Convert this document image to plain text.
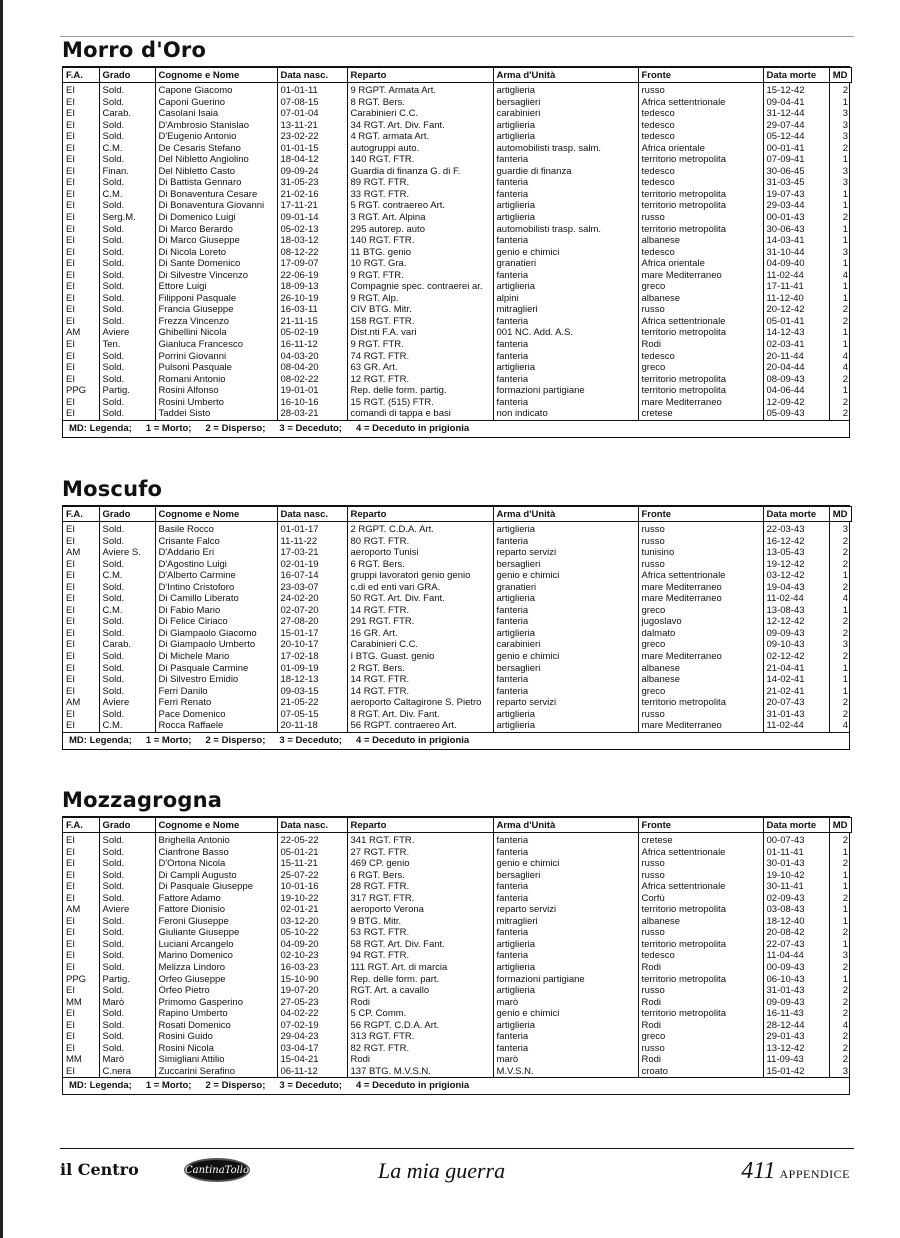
Morro d'Oro
F.A.	Grado	Cognome e Nome	Data nasc.	Reparto	Arma d'Unità	Fronte	Data morte	MD
EI	Sold.	Capone Giacomo	01-01-11	9 RGPT. Armata Art.	artiglieria	russo	15-12-42	2
EI	Sold.	Caponi Guerino	07-08-15	8 RGT. Bers.	bersaglieri	Africa settentrionale	09-04-41	1
EI	Carab.	Casolani Isaia	07-01-04	Carabinieri C.C.	carabinieri	tedesco	31-12-44	3
EI	Sold.	D'Ambrosio Stanislao	13-11-21	34 RGT. Art. Div. Fant.	artiglieria	tedesco	29-07-44	3
EI	Sold.	D'Eugenio Antonio	23-02-22	4 RGT. armata Art.	artiglieria	tedesco	05-12-44	3
EI	C.M.	De Cesaris Stefano	01-01-15	autogruppi auto.	automobilisti trasp. salm.	Africa orientale	00-01-41	2
EI	Sold.	Del Nibletto Angiolino	18-04-12	140 RGT. FTR.	fanteria	territorio metropolita	07-09-41	1
EI	Finan.	Del Nibletto Casto	09-09-24	Guardia di finanza G. di F.	guardie di finanza	tedesco	30-06-45	3
EI	Sold.	Di Battista Gennaro	31-05-23	89 RGT. FTR.	fanteria	tedesco	31-03-45	3
EI	C.M.	Di Bonaventura Cesare	21-02-16	33 RGT. FTR.	fanteria	territorio metropolita	19-07-43	1
EI	Sold.	Di Bonaventura Giovanni	17-11-21	5 RGT. contraereo Art.	artiglieria	territorio metropolita	29-03-44	1
EI	Serg.M.	Di Domenico Luigi	09-01-14	3 RGT. Art. Alpina	artiglieria	russo	00-01-43	2
EI	Sold.	Di Marco Berardo	05-02-13	295 autorep. auto	automobilisti trasp. salm.	territorio metropolita	30-06-43	1
EI	Sold.	Di Marco Giuseppe	18-03-12	140 RGT. FTR.	fanteria	albanese	14-03-41	1
EI	Sold.	Di Nicola Loreto	08-12-22	11 BTG. genio	genio e chimici	tedesco	31-10-44	3
EI	Sold.	Di Sante Domenico	17-09-07	10 RGT. Gra.	granatieri	Africa orientale	04-09-40	1
EI	Sold.	Di Silvestre Vincenzo	22-06-19	9 RGT. FTR.	fanteria	mare Mediterraneo	11-02-44	4
EI	Sold.	Ettore Luigi	18-09-13	Compagnie spec. contraerei ar.	artiglieria	greco	17-11-41	1
EI	Sold.	Filipponi Pasquale	26-10-19	9 RGT. Alp.	alpini	albanese	11-12-40	1
EI	Sold.	Francia Giuseppe	16-03-11	CIV BTG. Mitr.	mitraglieri	russo	20-12-42	2
EI	Sold.	Frezza Vincenzo	21-11-15	158 RGT. FTR.	fanteria	Africa settentrionale	05-01-41	2
AM	Aviere	Ghibellini Nicola	05-02-19	Dist.nti F.A. vari	001 NC. Add. A.S.	territorio metropolita	14-12-43	1
EI	Ten.	Gianluca Francesco	16-11-12	9 RGT. FTR.	fanteria	Rodi	02-03-41	1
EI	Sold.	Porrini Giovanni	04-03-20	74 RGT. FTR.	fanteria	tedesco	20-11-44	4
EI	Sold.	Pulsoni Pasquale	08-04-20	63 GR. Art.	artiglieria	greco	20-04-44	4
EI	Sold.	Romani Antonio	08-02-22	12 RGT. FTR.	fanteria	territorio metropolita	08-09-43	2
PPG	Partig.	Rosini Alfonso	19-01-01	Rep. delle form. partig.	formazioni partigiane	territorio metropolita	04-06-44	1
EI	Sold.	Rosini Umberto	16-10-16	15 RGT. (515) FTR.	fanteria	mare Mediterraneo	12-09-42	2
EI	Sold.	Taddei Sisto	28-03-21	comandi di tappa e basi	non indicato	cretese	05-09-43	2
MD: Legenda; 1 = Morto; 2 = Disperso; 3 = Deceduto; 4 = Deceduto in prigionia
Moscufo
F.A.	Grado	Cognome e Nome	Data nasc.	Reparto	Arma d'Unità	Fronte	Data morte	MD
EI	Sold.	Basile Rocco	01-01-17	2 RGPT. C.D.A. Art.	artiglieria	russo	22-03-43	3
EI	Sold.	Crisante Falco	11-11-22	80 RGT. FTR.	fanteria	russo	16-12-42	2
AM	Aviere S.	D'Addario Eri	17-03-21	aeroporto Tunisi	reparto servizi	tunisino	13-05-43	2
EI	Sold.	D'Agostino Luigi	02-01-19	6 RGT. Bers.	bersaglieri	russo	19-12-42	2
EI	C.M.	D'Alberto Carmine	16-07-14	gruppi lavoratori genio genio	genio e chimici	Africa settentrionale	03-12-42	1
EI	Sold.	D'Intino Cristoforo	23-03-07	c.di ed enti vari GRA.	granatieri	mare Mediterraneo	19-04-43	2
EI	Sold.	Di Camillo Liberato	24-02-20	50 RGT. Art. Div. Fant.	artiglieria	mare Mediterraneo	11-02-44	4
EI	C.M.	Di Fabio Mario	02-07-20	14 RGT. FTR.	fanteria	greco	13-08-43	1
EI	Sold.	Di Felice Ciriaco	27-08-20	291 RGT. FTR.	fanteria	jugoslavo	12-12-42	2
EI	Sold.	Di Giampaolo Giacomo	15-01-17	16 GR. Art.	artiglieria	dalmato	09-09-43	2
EI	Carab.	Di Giampaolo Umberto	20-10-17	Carabinieri C.C.	carabinieri	greco	09-10-43	3
EI	Sold.	Di Michele Mario	17-02-18	I BTG. Guast. genio	genio e chimici	mare Mediterraneo	02-12-42	2
EI	Sold.	Di Pasquale Carmine	01-09-19	2 RGT. Bers.	bersaglieri	albanese	21-04-41	1
EI	Sold.	Di Silvestro Emidio	18-12-13	14 RGT. FTR.	fanteria	albanese	14-02-41	1
EI	Sold.	Ferri Danilo	09-03-15	14 RGT. FTR.	fanteria	greco	21-02-41	1
AM	Aviere	Ferri Renato	21-05-22	aeroporto Caltagirone S. Pietro	reparto servizi	territorio metropolita	20-07-43	2
EI	Sold.	Pace Domenico	07-05-15	8 RGT. Art. Div. Fant.	artiglieria	russo	31-01-43	2
EI	C.M.	Rocca Raffaele	20-11-18	56 RGPT. contraereo Art.	artiglieria	mare Mediterraneo	11-02-44	4
MD: Legenda; 1 = Morto; 2 = Disperso; 3 = Deceduto; 4 = Deceduto in prigionia
Mozzagrogna
F.A.	Grado	Cognome e Nome	Data nasc.	Reparto	Arma d'Unità	Fronte	Data morte	MD
EI	Sold.	Brighella Antonio	22-05-22	341 RGT. FTR.	fanteria	cretese	00-07-43	2
EI	Sold.	Cianfrone Basso	05-01-21	27 RGT. FTR.	fanteria	Africa settentrionale	01-11-41	1
EI	Sold.	D'Ortona Nicola	15-11-21	469 CP. genio	genio e chimici	russo	30-01-43	2
EI	Sold.	Di Campli Augusto	25-07-22	6 RGT. Bers.	bersaglieri	russo	19-10-42	1
EI	Sold.	Di Pasquale Giuseppe	10-01-16	28 RGT. FTR.	fanteria	Africa settentrionale	30-11-41	1
EI	Sold.	Fattore Adamo	19-10-22	317 RGT. FTR.	fanteria	Corfù	02-09-43	2
AM	Aviere	Fattore Dionisio	02-01-21	aeroporto Verona	reparto servizi	territorio metropolita	03-08-43	1
EI	Sold.	Feroni Giuseppe	03-12-20	9 BTG. Mitr.	mitraglieri	albanese	18-12-40	1
EI	Sold.	Giuliante Giuseppe	05-10-22	53 RGT. FTR.	fanteria	russo	20-08-42	2
EI	Sold.	Luciani Arcangelo	04-09-20	58 RGT. Art. Div. Fant.	artiglieria	territorio metropolita	22-07-43	1
EI	Sold.	Marino Domenico	02-10-23	94 RGT. FTR.	fanteria	tedesco	11-04-44	3
EI	Sold.	Melizza Lindoro	16-03-23	111 RGT. Art. di marcia	artiglieria	Rodi	00-09-43	2
PPG	Partig.	Orfeo Giuseppe	15-10-90	Rep. delle form. part.	formazioni partigiane	territorio metropolita	06-10-43	1
EI	Sold.	Orfeo Pietro	19-07-20	RGT. Art. a cavallo	artiglieria	russo	31-01-43	2
MM	Marò	Primomo Gasperino	27-05-23	Rodi	marò	Rodi	09-09-43	2
EI	Sold.	Rapino Umberto	04-02-22	5 CP. Comm.	genio e chimici	territorio metropolita	16-11-43	2
EI	Sold.	Rosati Domenico	07-02-19	56 RGPT. C.D.A. Art.	artiglieria	Rodi	28-12-44	4
EI	Sold.	Rosini Guido	29-04-23	313 RGT. FTR.	fanteria	greco	29-01-43	2
EI	Sold.	Rosini Nicola	03-04-17	82 RGT. FTR.	fanteria	russo	13-12-42	2
MM	Marò	Simigliani Attilio	15-04-21	Rodi	marò	Rodi	11-09-43	2
EI	C.nera	Zuccarini Serafino	06-11-12	137 BTG. M.V.S.N.	M.V.S.N.	croato	15-01-42	3
MD: Legenda; 1 = Morto; 2 = Disperso; 3 = Deceduto; 4 = Deceduto in prigionia
il Centro	CantinaTollo	La mia guerra	411 APPENDICE
